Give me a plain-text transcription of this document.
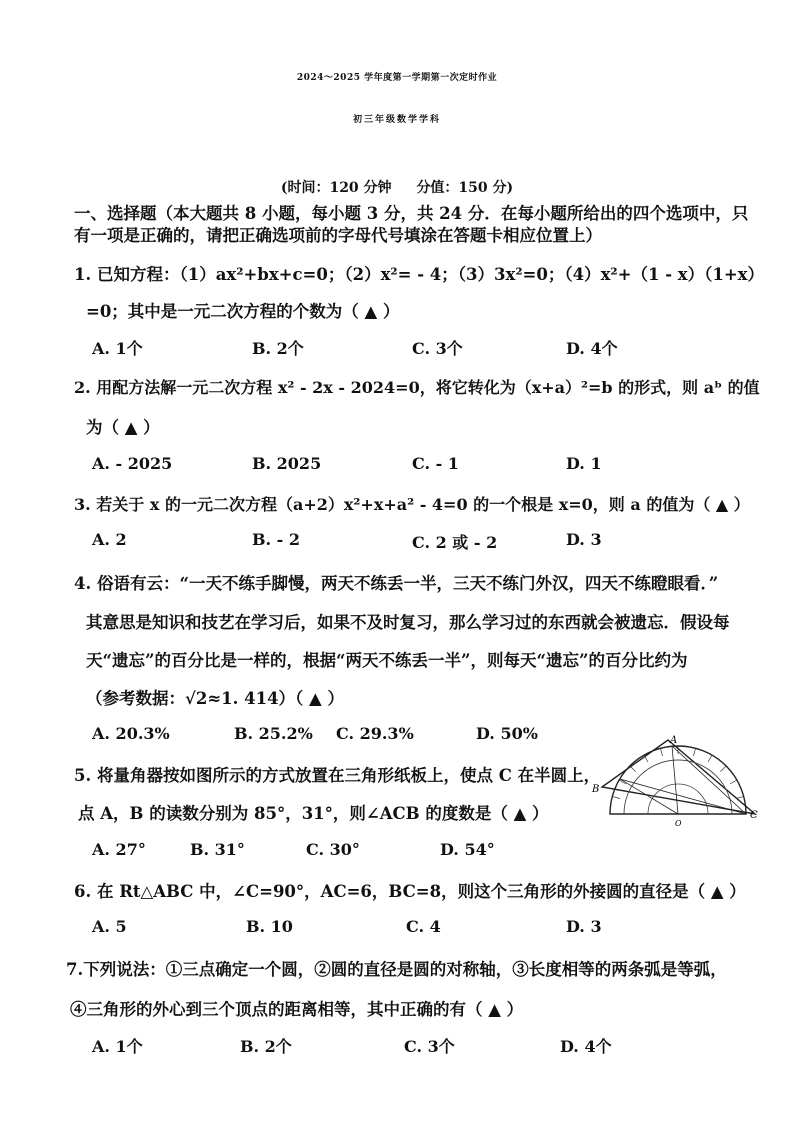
2024～2025 学年度第一学期第一次定时作业
初三年级数学学科
(时间：120 分钟 分值：150 分)
一、选择题（本大题共 8 小题，每小题 3 分，共 24 分．在每小题所给出的四个选项中，只
有一项是正确的，请把正确选项前的字母代号填涂在答题卡相应位置上）
1. 已知方程：（1）ax²+bx+c=0；（2）x²= - 4；（3）3x²=0；（4）x²+（1 - x）（1+x）
=0；其中是一元二次方程的个数为（ ▲ ）
A. 1个	B. 2个	C. 3个	D. 4个
2. 用配方法解一元二次方程 x² - 2x - 2024=0，将它转化为（x+a）²=b 的形式，则 aᵇ 的值
为（ ▲ ）
A. - 2025	B. 2025	C. - 1	D. 1
3. 若关于 x 的一元二次方程（a+2）x²+x+a² - 4=0 的一个根是 x=0，则 a 的值为（ ▲ ）
A. 2	B. - 2	C. 2 或 - 2	D. 3
4. 俗语有云：“一天不练手脚慢，两天不练丢一半，三天不练门外汉，四天不练瞪眼看．”
其意思是知识和技艺在学习后，如果不及时复习，那么学习过的东西就会被遗忘．假设每
天“遗忘”的百分比是一样的，根据“两天不练丢一半”，则每天“遗忘”的百分比约为
（参考数据：√2≈1. 414）（ ▲ ）
A. 20.3%	B. 25.2% C. 29.3%	D. 50%
5. 将量角器按如图所示的方式放置在三角形纸板上，使点 C 在半圆上，
点 A，B 的读数分别为 85°，31°，则∠ACB 的度数是（ ▲ ）
A. 27°	B. 31°	C. 30°	D. 54°
A
B
C
O
6. 在 Rt△ABC 中，∠C=90°，AC=6，BC=8，则这个三角形的外接圆的直径是（ ▲ ）
A. 5	B. 10	C. 4	D. 3
7.下列说法：①三点确定一个圆，②圆的直径是圆的对称轴，③长度相等的两条弧是等弧，
④三角形的外心到三个顶点的距离相等，其中正确的有（ ▲ ）
A. 1个	B. 2个	C. 3个	D. 4个
